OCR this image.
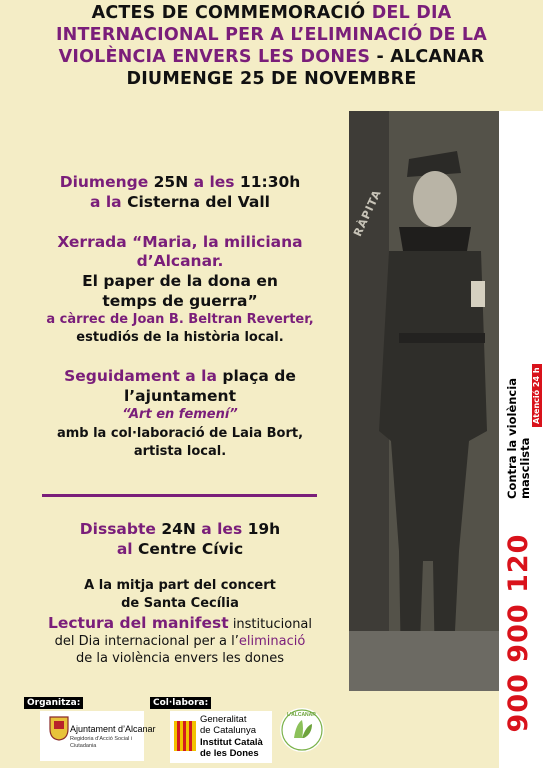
ACTES DE COMMEMORACIÓ DEL DIA
INTERNACIONAL PER A L’ELIMINACIÓ DE LA
VIOLÈNCIA ENVERS LES DONES - ALCANAR
DIUMENGE 25 DE NOVEMBRE
RÀPITA
900 900 120
Contra la violència masclista
Atenció 24 h
Diumenge 25N a les 11:30h
a la Cisterna del Vall
Xerrada “Maria, la miliciana
d’Alcanar.
El paper de la dona en
temps de guerra”
a càrrec de Joan B. Beltran Reverter,
estudiós de la història local.
Seguidament a la plaça de
l’ajuntament
“Art en femení”
amb la col·laboració de Laia Bort,
artista local.
Dissabte 24N a les 19h
al Centre Cívic
A la mitja part del concert
de Santa Cecília
Lectura del manifest institucional
del Dia internacional per a l’eliminació
de la violència envers les dones
Organitza:
Ajuntament d’Alcanar
Regidoria d’Acció Social i
Ciutadania
Col·labora:
Generalitat
de Catalunya
Institut Català
de les Dones
L’ALCANAR
